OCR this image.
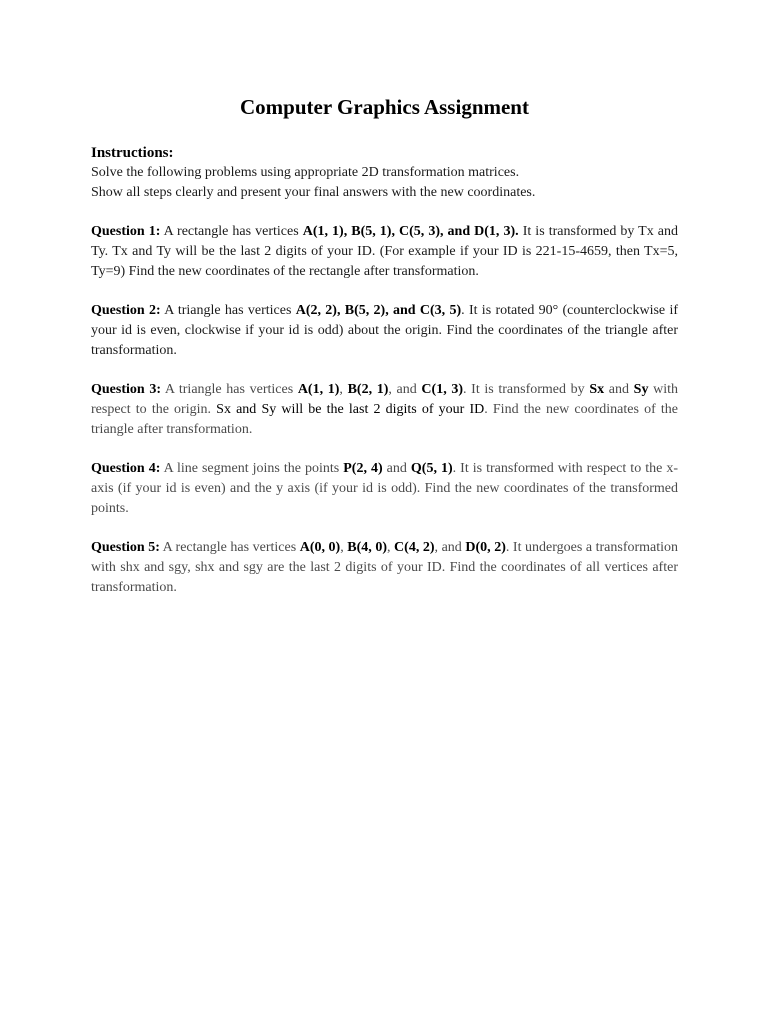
Computer Graphics Assignment
Instructions:
Solve the following problems using appropriate 2D transformation matrices.
Show all steps clearly and present your final answers with the new coordinates.

Question 1: A rectangle has vertices A(1, 1), B(5, 1), C(5, 3), and D(1, 3). It is transformed by Tx and Ty. Tx and Ty will be the last 2 digits of your ID. (For example if your ID is 221-15-4659, then Tx=5, Ty=9) Find the new coordinates of the rectangle after transformation.

Question 2: A triangle has vertices A(2, 2), B(5, 2), and C(3, 5). It is rotated 90° (counterclockwise if your id is even, clockwise if your id is odd) about the origin. Find the coordinates of the triangle after transformation.

Question 3: A triangle has vertices A(1, 1), B(2, 1), and C(1, 3). It is transformed by Sx and Sy with respect to the origin. Sx and Sy will be the last 2 digits of your ID. Find the new coordinates of the triangle after transformation.

Question 4: A line segment joins the points P(2, 4) and Q(5, 1). It is transformed with respect to the x-axis (if your id is even) and the y axis (if your id is odd). Find the new coordinates of the transformed points.

Question 5: A rectangle has vertices A(0, 0), B(4, 0), C(4, 2), and D(0, 2). It undergoes a transformation with shx and sgy, shx and sgy are the last 2 digits of your ID. Find the coordinates of all vertices after transformation.
